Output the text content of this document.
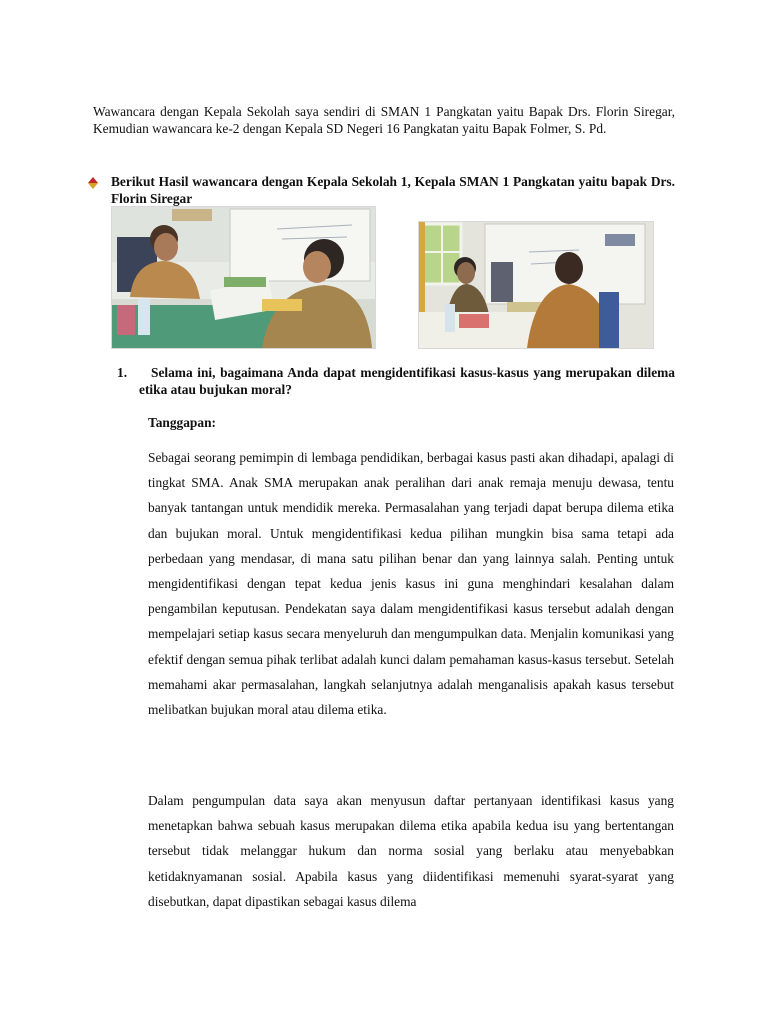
Wawancara dengan Kepala Sekolah saya sendiri di SMAN 1 Pangkatan yaitu Bapak Drs. Florin Siregar, Kemudian wawancara ke-2 dengan Kepala SD Negeri 16 Pangkatan yaitu Bapak Folmer, S. Pd.

Berikut Hasil wawancara dengan Kepala Sekolah 1, Kepala SMAN 1 Pangkatan yaitu bapak Drs. Florin Siregar

1.	Selama ini, bagaimana Anda dapat mengidentifikasi kasus-kasus yang merupakan dilema etika atau bujukan moral?

Tanggapan:

Sebagai seorang pemimpin di lembaga pendidikan, berbagai kasus pasti akan dihadapi, apalagi di tingkat SMA. Anak SMA merupakan anak peralihan dari anak remaja menuju dewasa, tentu banyak tantangan untuk mendidik mereka. Permasalahan yang terjadi dapat berupa dilema etika dan bujukan moral. Untuk mengidentifikasi kedua pilihan mungkin bisa sama tetapi ada perbedaan yang mendasar, di mana satu pilihan benar dan yang lainnya salah. Penting untuk mengidentifikasi dengan tepat kedua jenis kasus ini guna menghindari kesalahan dalam pengambilan keputusan. Pendekatan saya dalam mengidentifikasi kasus tersebut adalah dengan mempelajari setiap kasus secara menyeluruh dan mengumpulkan data. Menjalin komunikasi yang efektif dengan semua pihak terlibat adalah kunci dalam pemahaman kasus-kasus tersebut. Setelah memahami akar permasalahan, langkah selanjutnya adalah menganalisis apakah kasus tersebut melibatkan bujukan moral atau dilema etika.

Dalam pengumpulan data saya akan menyusun daftar pertanyaan identifikasi kasus yang menetapkan bahwa sebuah kasus merupakan dilema etika apabila kedua isu yang bertentangan tersebut tidak melanggar hukum dan norma sosial yang berlaku atau menyebabkan ketidaknyamanan sosial. Apabila kasus yang diidentifikasi memenuhi syarat-syarat yang disebutkan, dapat dipastikan sebagai kasus dilema
